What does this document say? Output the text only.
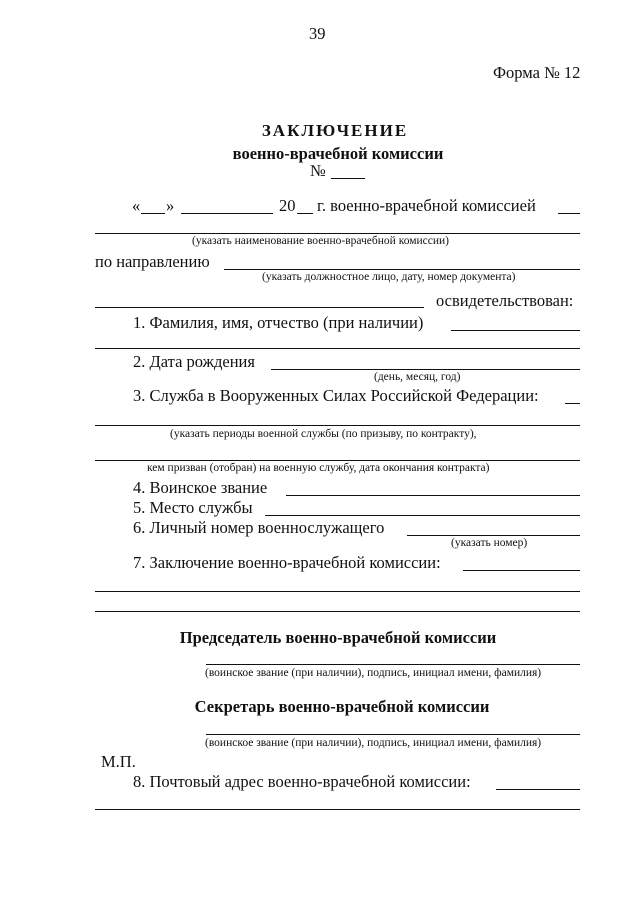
39
Форма № 12
ЗАКЛЮЧЕНИЕ
военно-врачебной комиссии
№
« »	20 г. военно-врачебной комиссией
(указать наименование военно-врачебной комиссии)
по направлению
(указать должностное лицо, дату, номер документа)
освидетельствован:
1. Фамилия, имя, отчество (при наличии)
2. Дата рождения
(день, месяц, год)
3. Служба в Вооруженных Силах Российской Федерации:
(указать периоды военной службы (по призыву, по контракту),
кем призван (отобран) на военную службу, дата окончания контракта)
4. Воинское звание
5. Место службы
6. Личный номер военнослужащего
(указать номер)
7. Заключение военно-врачебной комиссии:
Председатель военно-врачебной комиссии
(воинское звание (при наличии), подпись, инициал имени, фамилия)
Секретарь военно-врачебной комиссии
(воинское звание (при наличии), подпись, инициал имени, фамилия)
М.П.
8. Почтовый адрес военно-врачебной комиссии:
